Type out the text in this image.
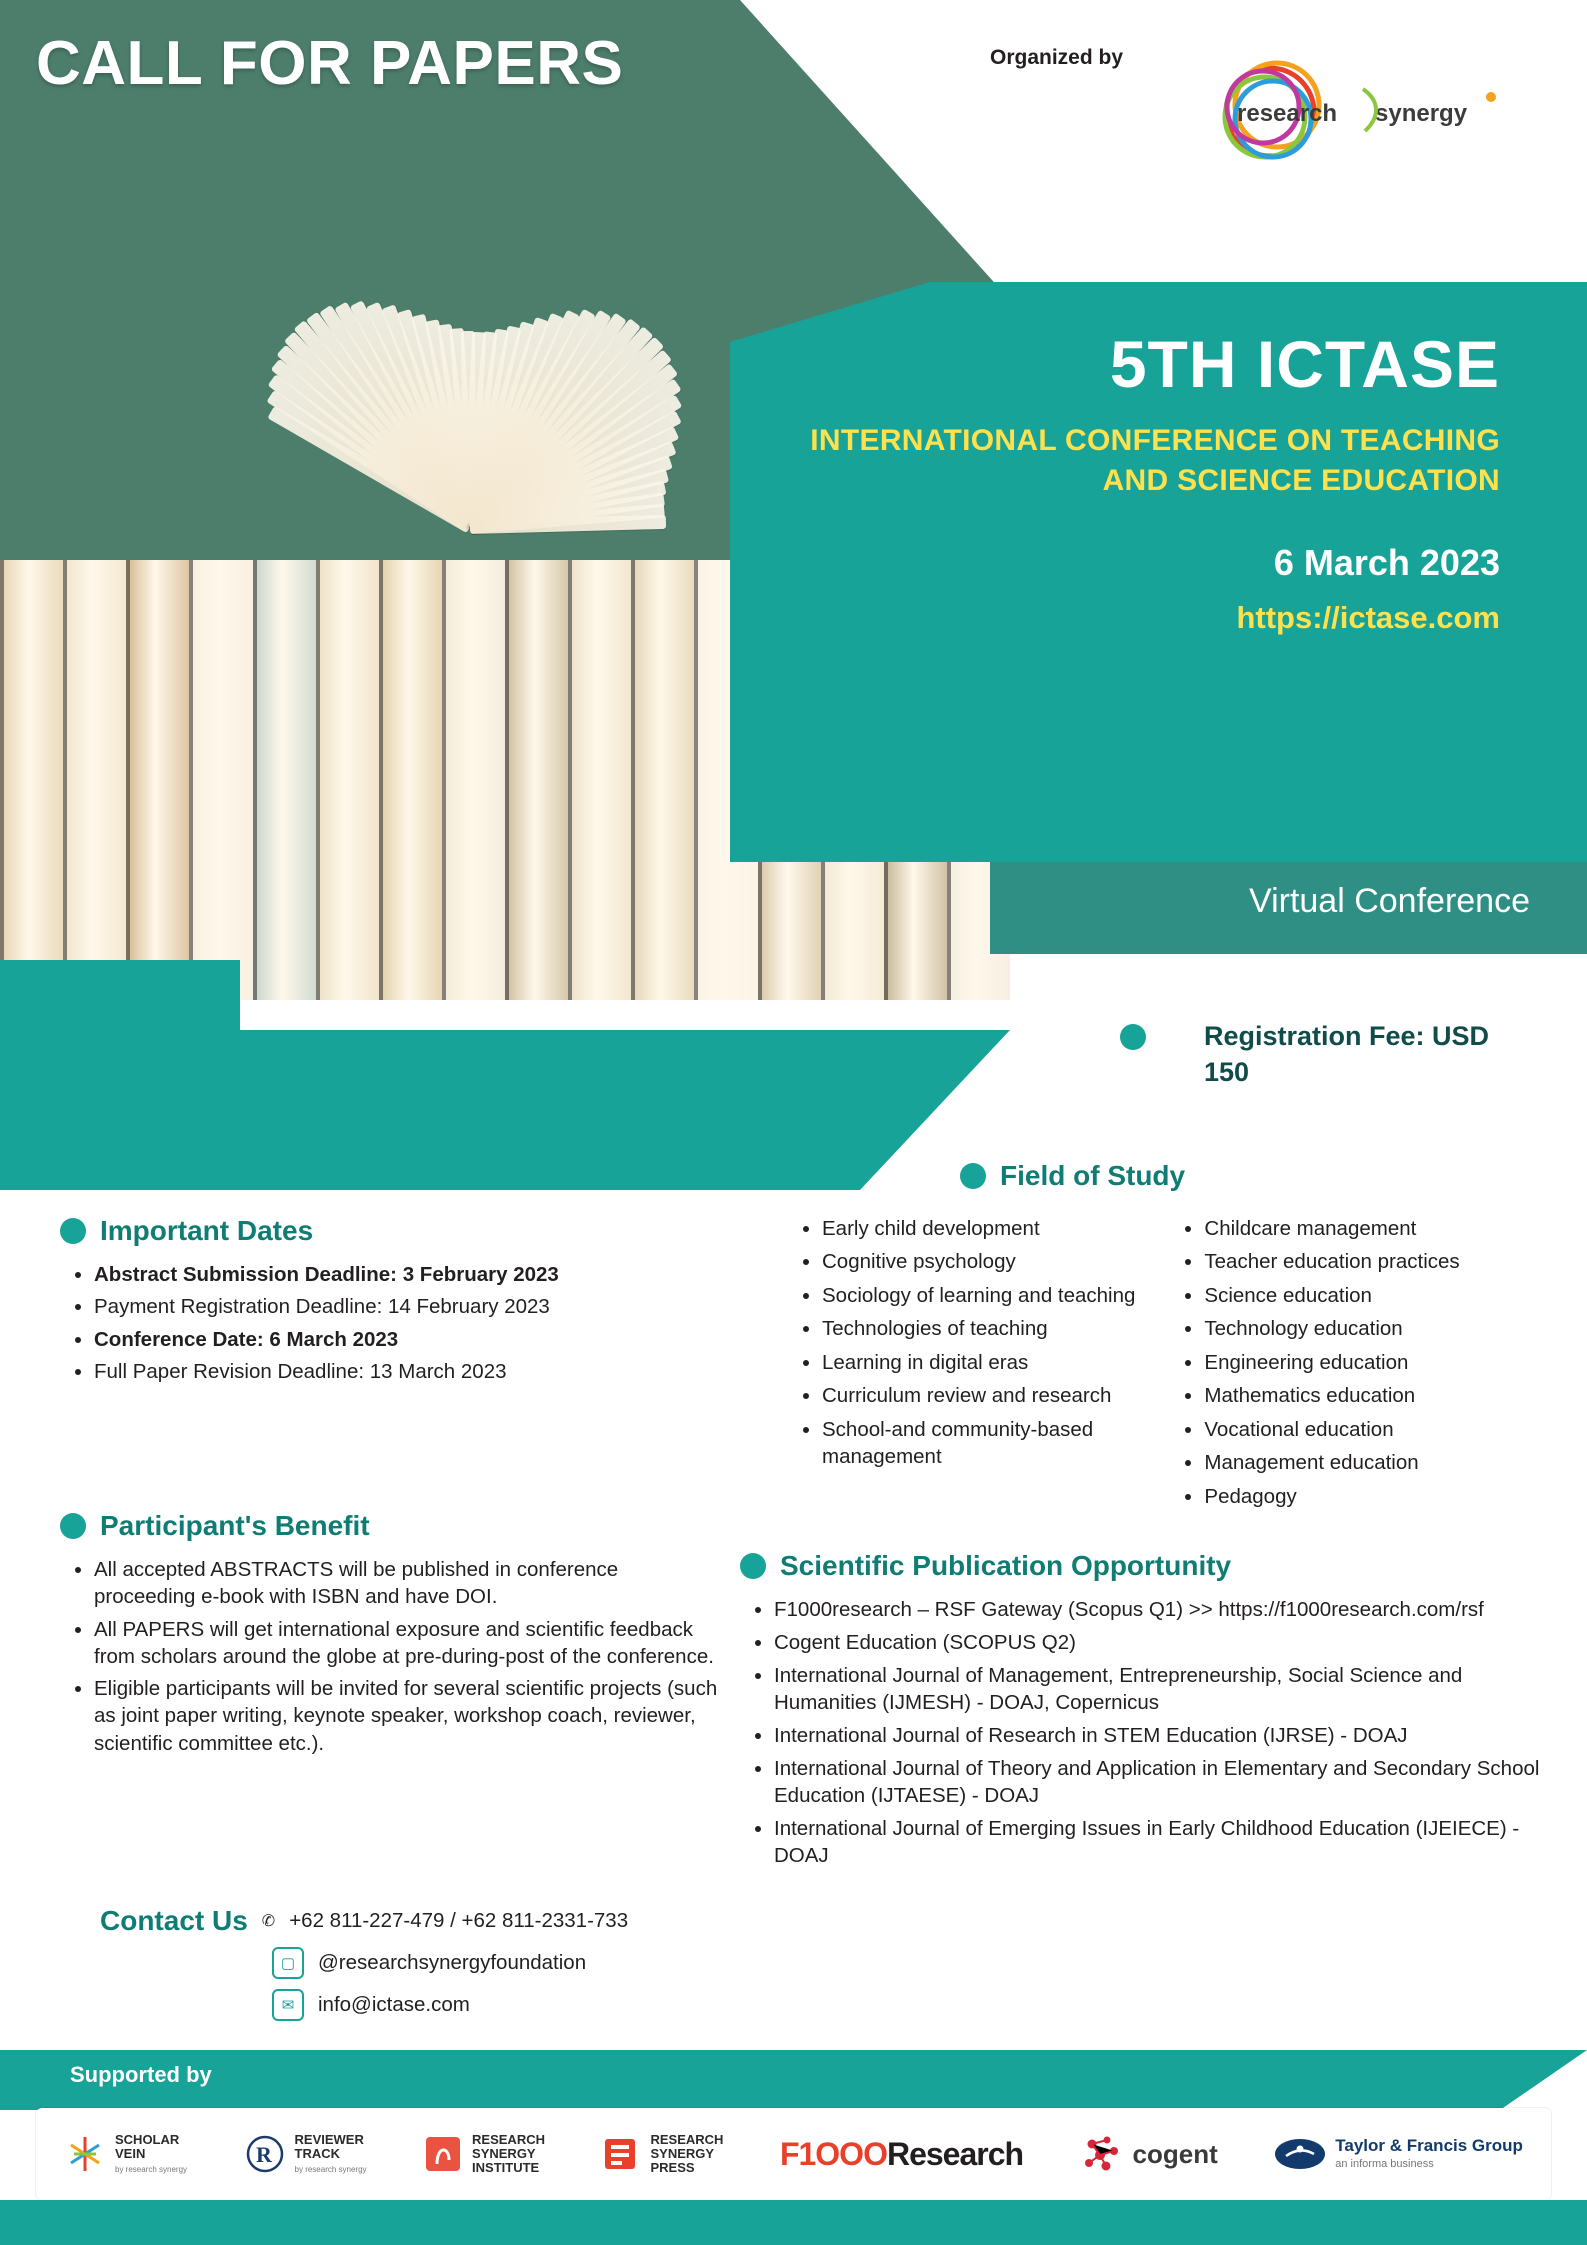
CALL FOR PAPERS	Organized by
research synergy
5TH ICTASE
INTERNATIONAL CONFERENCE ON TEACHING AND SCIENCE EDUCATION
6 March 2023
https://ictase.com
Virtual Conference
Registration Fee: USD 150
Important Dates
• Abstract Submission Deadline: 3 February 2023
• Payment Registration Deadline: 14 February 2023
• Conference Date: 6 March 2023
• Full Paper Revision Deadline: 13 March 2023
Participant's Benefit
• All accepted ABSTRACTS will be published in conference proceeding e-book with ISBN and have DOI.
• All PAPERS will get international exposure and scientific feedback from scholars around the globe at pre-during-post of the conference.
• Eligible participants will be invited for several scientific projects (such as joint paper writing, keynote speaker, workshop coach, reviewer, scientific committee etc.).
Field of Study
• Early child development
• Cognitive psychology
• Sociology of learning and teaching
• Technologies of teaching
• Learning in digital eras
• Curriculum review and research
• School-and community-based management
• Childcare management
• Teacher education practices
• Science education
• Technology education
• Engineering education
• Mathematics education
• Vocational education
• Management education
• Pedagogy
Scientific Publication Opportunity
• F1000research – RSF Gateway (Scopus Q1) >> https://f1000research.com/rsf
• Cogent Education (SCOPUS Q2)
• International Journal of Management, Entrepreneurship, Social Science and Humanities (IJMESH) - DOAJ, Copernicus
• International Journal of Research in STEM Education (IJRSE) - DOAJ
• International Journal of Theory and Application in Elementary and Secondary School Education (IJTAESE) - DOAJ
• International Journal of Emerging Issues in Early Childhood Education (IJEIECE) - DOAJ
Contact Us ✆ +62 811-227-479 / +62 811-2331-733
▢	@researchsynergyfoundation
✉	info@ictase.com
Supported by
SCHOLAR
VEIN
by research synergy
R
REVIEWER
TRACK
by research synergy
RESEARCH
SYNERGY
INSTITUTE
RESEARCH
SYNERGY
PRESS	F1OOOResearch	cogent	Taylor & Francis Group
an informa business
